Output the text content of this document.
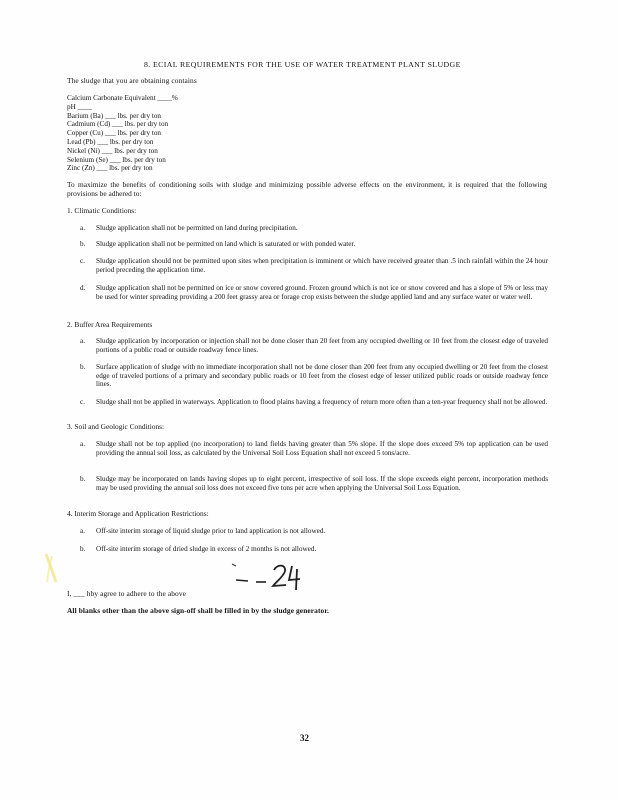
8. ECIAL REQUIREMENTS FOR THE USE OF WATER TREATMENT PLANT SLUDGE
The sludge that you are obtaining contains
Calcium Carbonate Equivalent ____%
pH ____
Barium (Ba) ___ lbs. per dry ton
Cadmium (Cd) ___ lbs. per dry ton
Copper (Cu) ___ lbs. per dry ton
Lead (Pb) ___ lbs. per dry ton
Nickel (Ni) ___ lbs. per dry ton
Selenium (Se) ___ lbs. per dry ton
Zinc (Zn) ___ lbs. per dry ton
To maximize the benefits of conditioning soils with sludge and minimizing possible adverse effects on the environment, it is required that the following provisions be adhered to:
1. Climatic Conditions:
a. Sludge application shall not be permitted on land during precipitation.
b. Sludge application shall not be permitted on land which is saturated or with ponded water.
c. Sludge application should not be permitted upon sites when precipitation is imminent or which have received greater than .5 inch rainfall within the 24 hour period preceding the application time.
d. Sludge application shall not be permitted on ice or snow covered ground. Frozen ground which is not ice or snow covered and has a slope of 5% or less may be used for winter spreading providing a 200 feet grassy area or forage crop exists between the sludge applied land and any surface water or water well.
2. Buffer Area Requirements
a. Sludge application by incorporation or injection shall not be done closer than 20 feet from any occupied dwelling or 10 feet from the closest edge of traveled portions of a public road or outside roadway fence lines.
b. Surface application of sludge with no immediate incorporation shall not be done closer than 200 feet from any occupied dwelling or 20 feet from the closest edge of traveled portions of a primary and secondary public roads or 10 feet from the closest edge of lesser utilized public roads or outside roadway fence lines.
c. Sludge shall not be applied in waterways. Application to flood plains having a frequency of return more often than a ten-year frequency shall not be allowed.
3. Soil and Geologic Conditions:
a. Sludge shall not be top applied (no incorporation) to land fields having greater than 5% slope. If the slope does exceed 5% top application can be used providing the annual soil loss, as calculated by the Universal Soil Loss Equation shall not exceed 5 tons/acre.
b. Sludge may be incorporated on lands having slopes up to eight percent, irrespective of soil loss. If the slope exceeds eight percent, incorporation methods may be used providing the annual soil loss does not exceed five tons per acre when applying the Universal Soil Loss Equation.
4. Interim Storage and Application Restrictions:
a. Off-site interim storage of liquid sludge prior to land application is not allowed.
b. Off-site interim storage of dried sludge in excess of 2 months is not allowed.
I, ___ hby agree to adhere to the above
All blanks other than the above sign-off shall be filled in by the sludge generator.
32
